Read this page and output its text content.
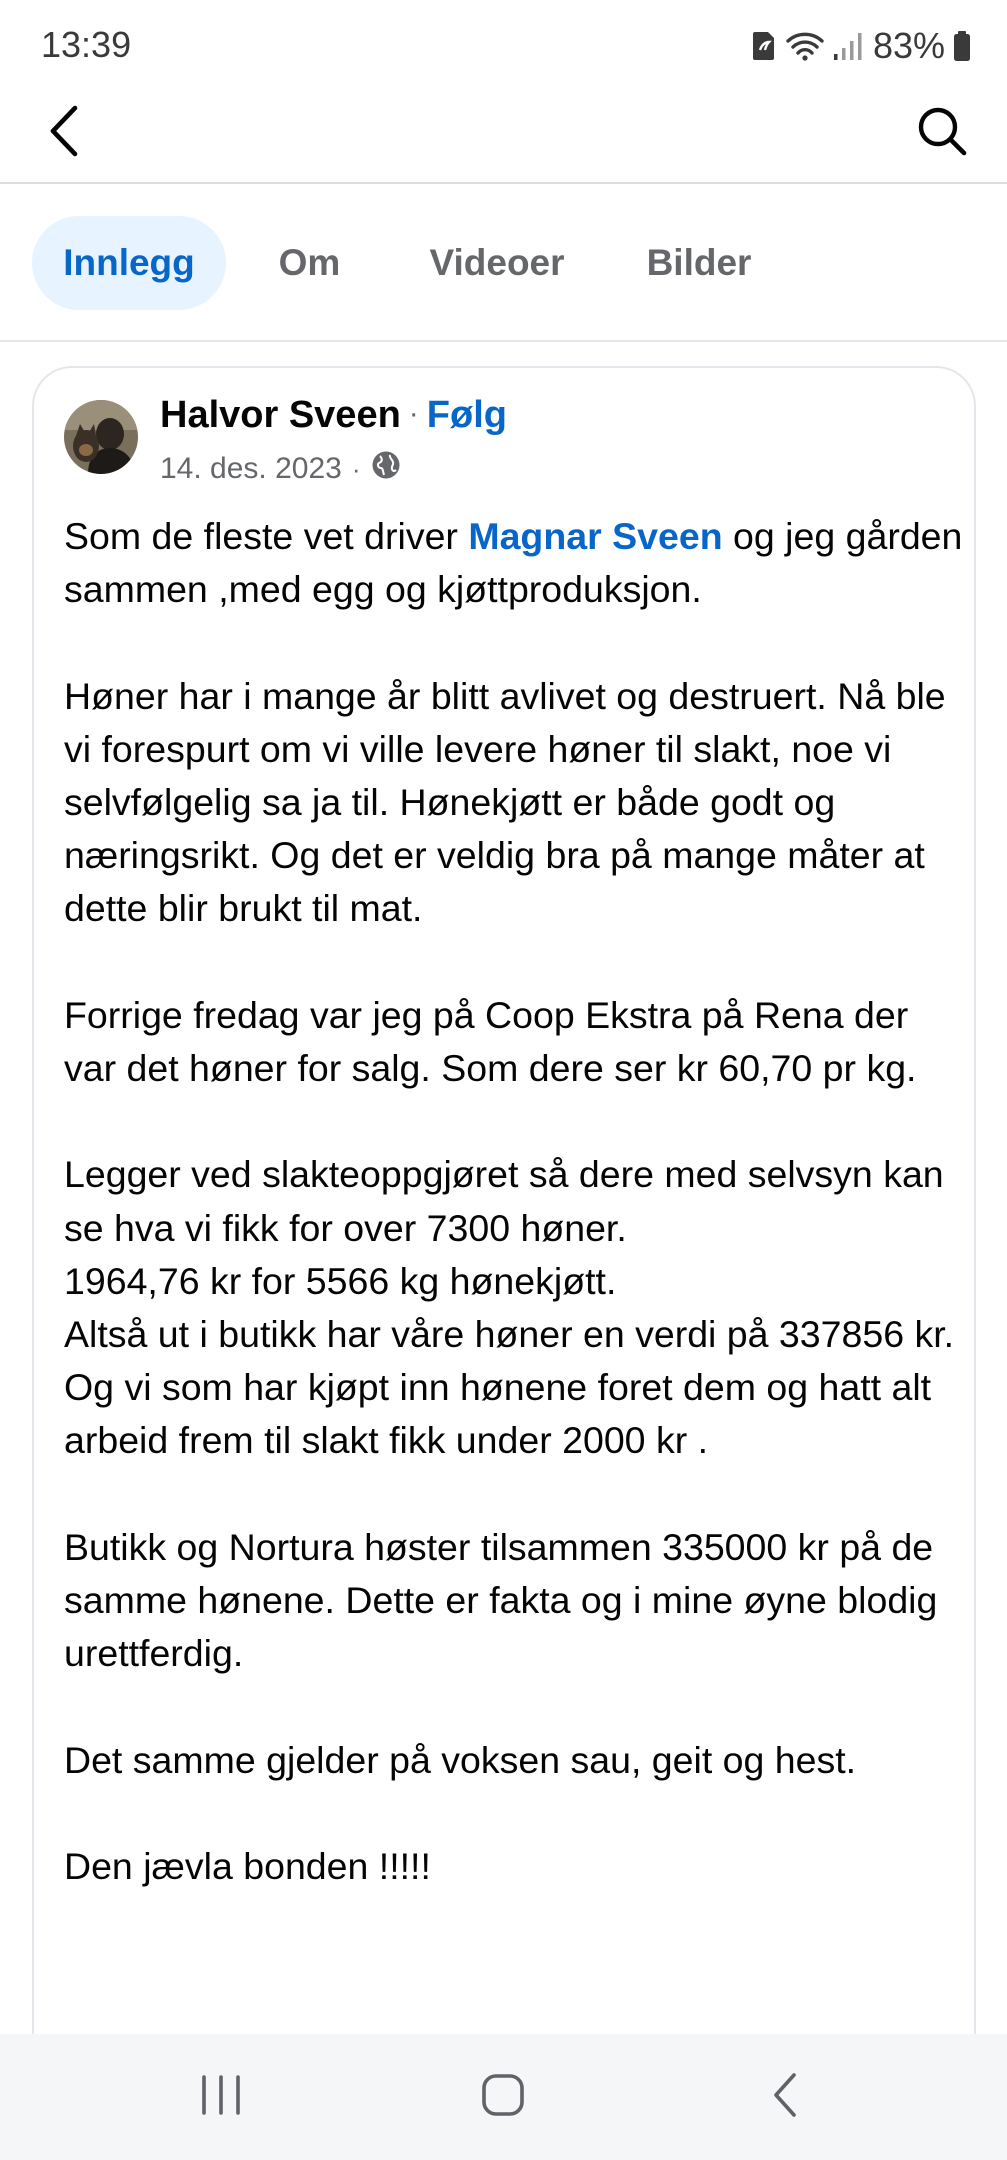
13:39	83%
Innlegg	Om	Videoer	Bilder
Halvor Sveen · Følg
14. des. 2023 ·

Som de fleste vet driver Magnar Sveen og jeg gården sammen ,med egg og kjøttproduksjon.

Høner har i mange år blitt avlivet og destruert. Nå ble vi forespurt om vi ville levere høner til slakt, noe vi selvfølgelig sa ja til. Hønekjøtt er både godt og næringsrikt. Og det er veldig bra på mange måter at dette blir brukt til mat.

Forrige fredag var jeg på Coop Ekstra på Rena der var det høner for salg. Som dere ser kr 60,70 pr kg.

Legger ved slakteoppgjøret så dere med selvsyn kan se hva vi fikk for over 7300 høner.

1964,76 kr for 5566 kg hønekjøtt.

Altså ut i butikk har våre høner en verdi på 337856 kr.

Og vi som har kjøpt inn hønene foret dem og hatt alt arbeid frem til slakt fikk under 2000 kr .

Butikk og Nortura høster tilsammen 335000 kr på de samme hønene. Dette er fakta og i mine øyne blodig urettferdig.

Det samme gjelder på voksen sau, geit og hest.

Den jævla bonden !!!!!
